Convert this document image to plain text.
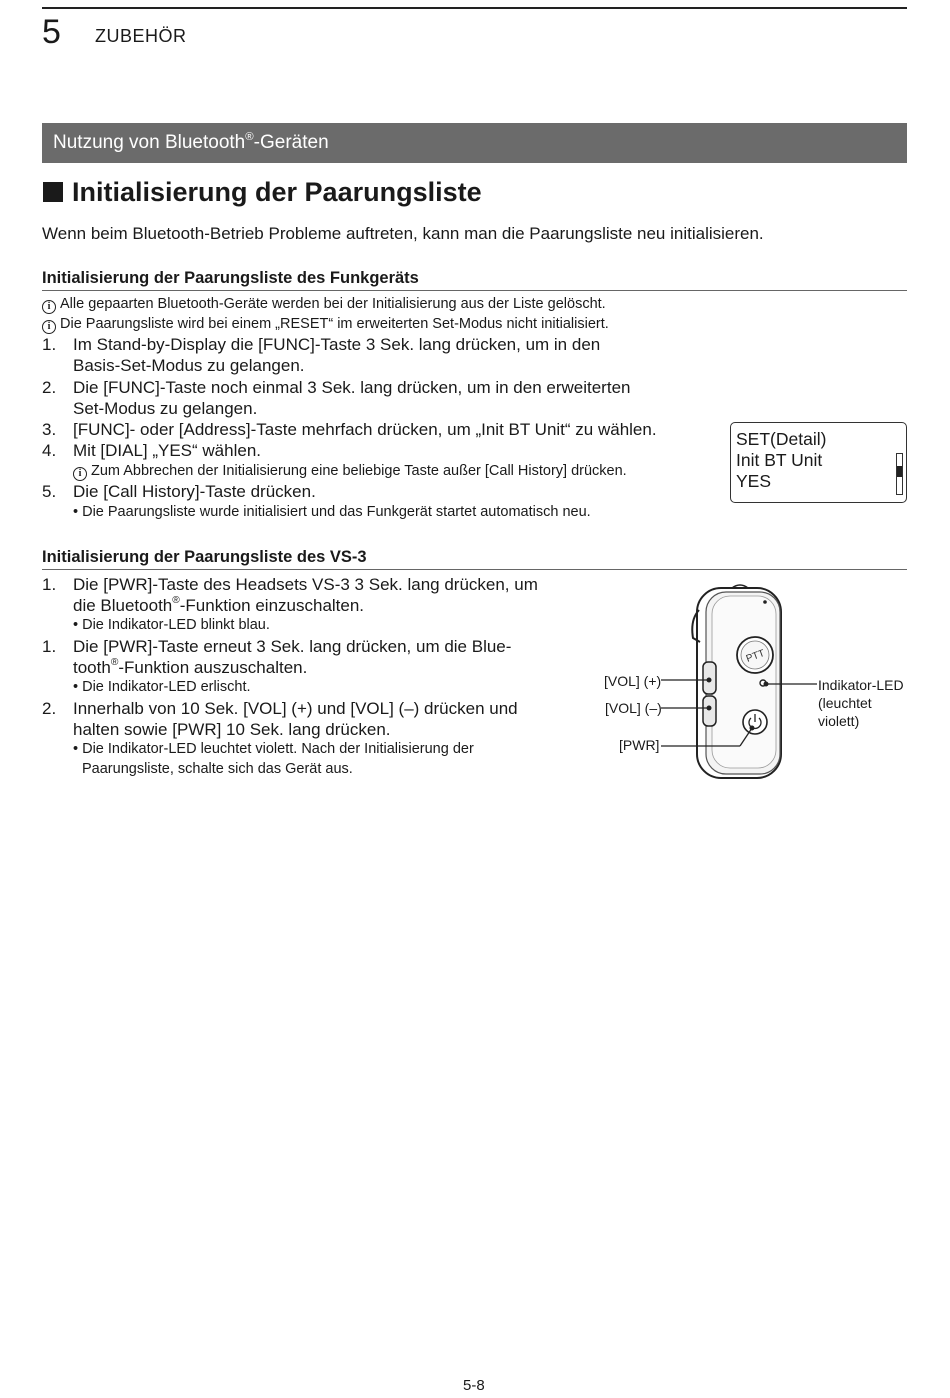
5 ZUBEHÖR
Nutzung von Bluetooth®-Geräten
Initialisierung der Paarungsliste
Wenn beim Bluetooth-Betrieb Probleme auftreten, kann man die Paarungsliste neu initialisieren.
Initialisierung der Paarungsliste des Funkgeräts
i Alle gepaarten Bluetooth-Geräte werden bei der Initialisierung aus der Liste gelöscht.
i Die Paarungsliste wird bei einem „RESET“ im erweiterten Set-Modus nicht initialisiert.
1. Im Stand-by-Display die [FUNC]-Taste 3 Sek. lang drücken, um in den
Basis-Set-Modus zu gelangen.
2. Die [FUNC]-Taste noch einmal 3 Sek. lang drücken, um in den erweiterten
Set-Modus zu gelangen.
3. [FUNC]- oder [Address]-Taste mehrfach drücken, um „Init BT Unit“ zu wählen.
4. Mit [DIAL] „YES“ wählen.
i Zum Abbrechen der Initialisierung eine beliebige Taste außer [Call History] drücken.
5. Die [Call History]-Taste drücken.
• Die Paarungsliste wurde initialisiert und das Funkgerät startet automatisch neu.
SET(Detail)
Init BT Unit
YES
Initialisierung der Paarungsliste des VS-3
1. Die [PWR]-Taste des Headsets VS-3 3 Sek. lang drücken, um
die Bluetooth®-Funktion einzuschalten.
• Die Indikator-LED blinkt blau.
1. Die [PWR]-Taste erneut 3 Sek. lang drücken, um die Blue-
tooth®-Funktion auszuschalten.
• Die Indikator-LED erlischt.
2. Innerhalb von 10 Sek. [VOL] (+) und [VOL] (–) drücken und
halten sowie [PWR] 10 Sek. lang drücken.
• Die Indikator-LED leuchtet violett. Nach der Initialisierung der
Paarungsliste, schalte sich das Gerät aus.
PTT
[VOL] (+)
[VOL] (–)
[PWR]
Indikator-LED
(leuchtet
violett)
5-8
